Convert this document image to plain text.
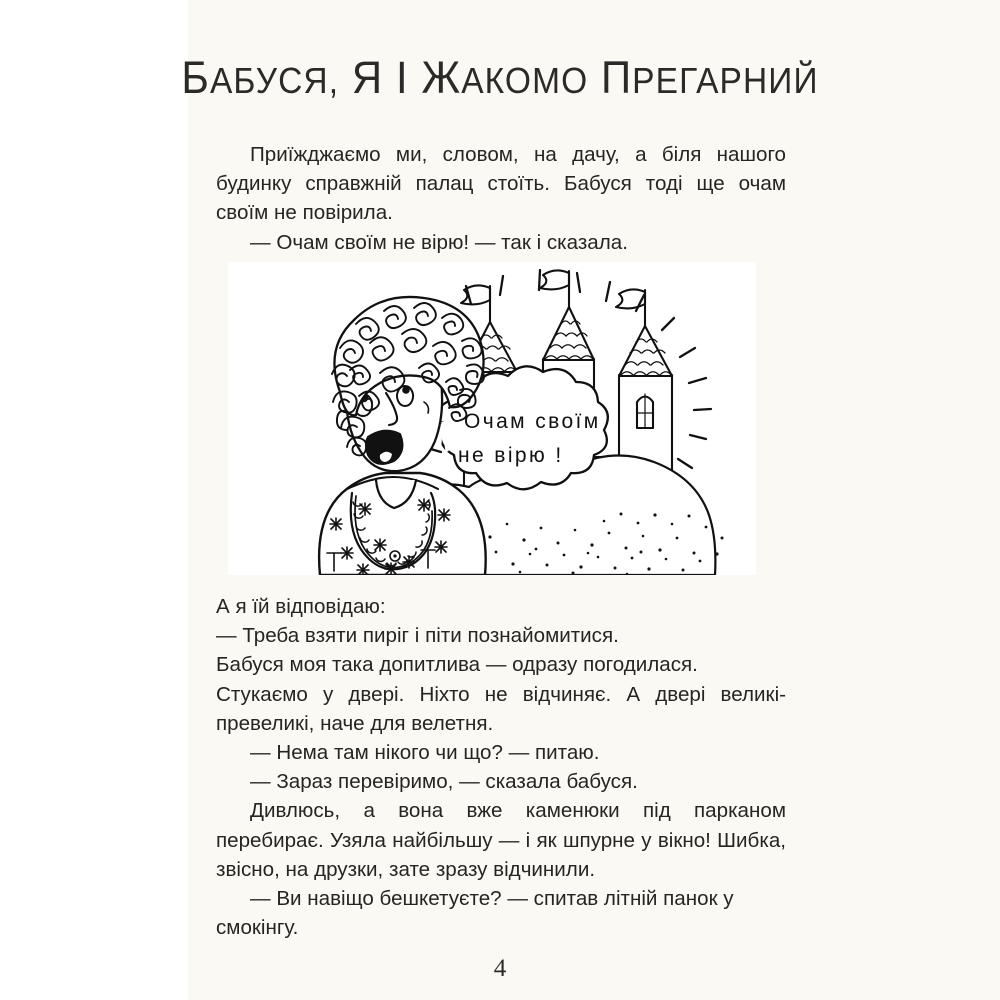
БАБУСЯ, Я І ЖАКОМО ПРЕГАРНИЙ

Приїжджаємо ми, словом, на дачу, а біля нашого будинку справжній палац стоїть. Бабуся тоді ще очам своїм не повірила.

— Очам своїм не вірю! — так і сказала.

Очам своїм
не вірю !

А я їй відповідаю:

— Треба взяти пиріг і піти познайомитися.

Бабуся моя така допитлива — одразу погодилася.

Стукаємо у двері. Ніхто не відчиняє. А двері великі-превеликі, наче для велетня.

— Нема там нікого чи що? — питаю.

— Зараз перевіримо, — сказала бабуся.

Дивлюсь, а вона вже каменюки під парканом перебирає. Узяла найбільшу — і як шпурне у вікно! Шибка, звісно, на друзки, зате зразу відчинили.

— Ви навіщо бешкетуєте? — спитав літній панок у смокінгу.

4
